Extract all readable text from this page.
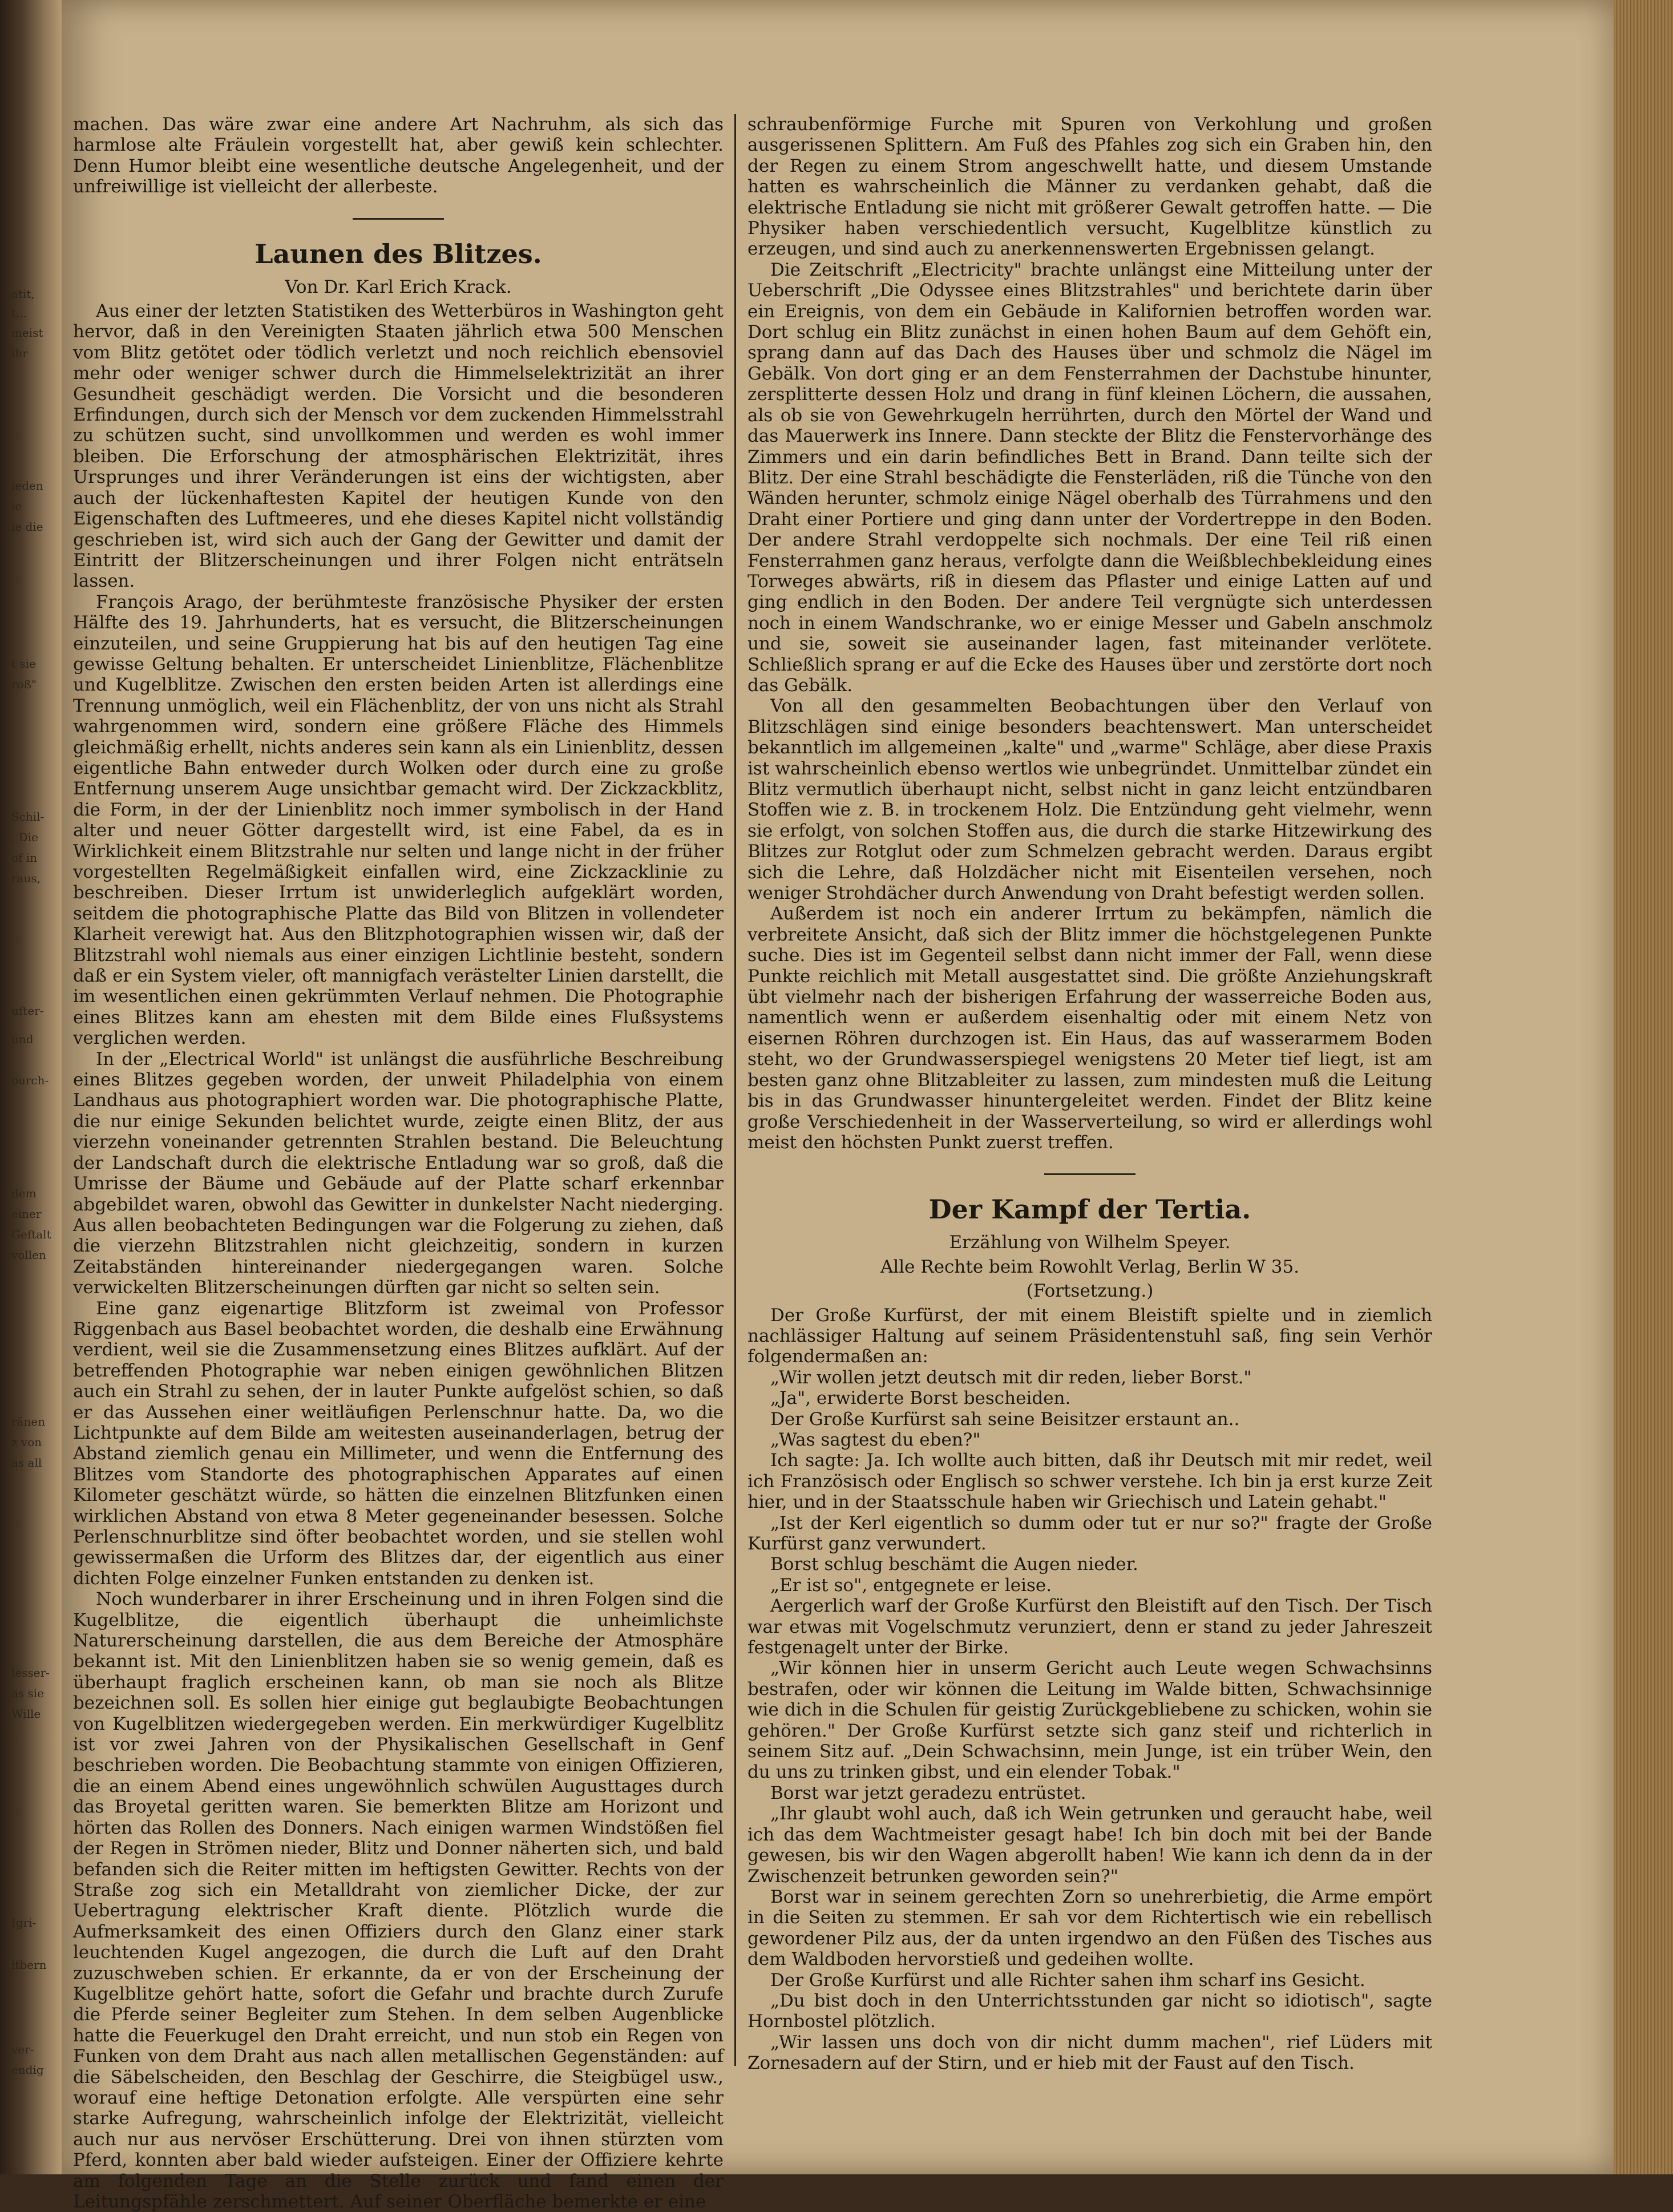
atit,
t...
meist
ihr
ieden
ie
ie die
t sie
roß"
Schil-
. Die
of in
raus,
ufter-
und
ourch-
dem
einer
Geftalt
vollen
ränen
z von
as all
lesser-
as sie
Wille
Igri-
itbern
ver-
endig

machen. Das wäre zwar eine andere Art Nachruhm, als sich das harmlose alte Fräulein vorgestellt hat, aber gewiß kein schlechter. Denn Humor bleibt eine wesentliche deutsche Angelegenheit, und der unfreiwillige ist vielleicht der allerbeste.

Launen des Blitzes.
Von Dr. Karl Erich Krack.

Aus einer der letzten Statistiken des Wetterbüros in Washington geht hervor, daß in den Vereinigten Staaten jährlich etwa 500 Menschen vom Blitz getötet oder tödlich verletzt und noch reichlich ebensoviel mehr oder weniger schwer durch die Himmelselektrizität an ihrer Gesundheit geschädigt werden. Die Vorsicht und die besonderen Erfindungen, durch sich der Mensch vor dem zuckenden Himmelsstrahl zu schützen sucht, sind unvollkommen und werden es wohl immer bleiben. Die Erforschung der atmosphärischen Elektrizität, ihres Ursprunges und ihrer Veränderungen ist eins der wichtigsten, aber auch der lückenhaftesten Kapitel der heutigen Kunde von den Eigenschaften des Luftmeeres, und ehe dieses Kapitel nicht vollständig geschrieben ist, wird sich auch der Gang der Gewitter und damit der Eintritt der Blitzerscheinungen und ihrer Folgen nicht enträtseln lassen.

François Arago, der berühmteste französische Physiker der ersten Hälfte des 19. Jahrhunderts, hat es versucht, die Blitzerscheinungen einzuteilen, und seine Gruppierung hat bis auf den heutigen Tag eine gewisse Geltung behalten. Er unterscheidet Linienblitze, Flächenblitze und Kugelblitze. Zwischen den ersten beiden Arten ist allerdings eine Trennung unmöglich, weil ein Flächenblitz, der von uns nicht als Strahl wahrgenommen wird, sondern eine größere Fläche des Himmels gleichmäßig erhellt, nichts anderes sein kann als ein Linienblitz, dessen eigentliche Bahn entweder durch Wolken oder durch eine zu große Entfernung unserem Auge unsichtbar gemacht wird. Der Zickzackblitz, die Form, in der der Linienblitz noch immer symbolisch in der Hand alter und neuer Götter dargestellt wird, ist eine Fabel, da es in Wirklichkeit einem Blitzstrahle nur selten und lange nicht in der früher vorgestellten Regelmäßigkeit einfallen wird, eine Zickzacklinie zu beschreiben. Dieser Irrtum ist unwiderleglich aufgeklärt worden, seitdem die photographische Platte das Bild von Blitzen in vollendeter Klarheit verewigt hat. Aus den Blitzphotographien wissen wir, daß der Blitzstrahl wohl niemals aus einer einzigen Lichtlinie besteht, sondern daß er ein System vieler, oft mannigfach verästelter Linien darstellt, die im wesentlichen einen gekrümmten Verlauf nehmen. Die Photographie eines Blitzes kann am ehesten mit dem Bilde eines Flußsystems verglichen werden.

In der „Electrical World" ist unlängst die ausführliche Beschreibung eines Blitzes gegeben worden, der unweit Philadelphia von einem Landhaus aus photographiert worden war. Die photographische Platte, die nur einige Sekunden belichtet wurde, zeigte einen Blitz, der aus vierzehn voneinander getrennten Strahlen bestand. Die Beleuchtung der Landschaft durch die elektrische Entladung war so groß, daß die Umrisse der Bäume und Gebäude auf der Platte scharf erkennbar abgebildet waren, obwohl das Gewitter in dunkelster Nacht niederging. Aus allen beobachteten Bedingungen war die Folgerung zu ziehen, daß die vierzehn Blitzstrahlen nicht gleichzeitig, sondern in kurzen Zeitabständen hintereinander niedergegangen waren. Solche verwickelten Blitzerscheinungen dürften gar nicht so selten sein.

Eine ganz eigenartige Blitzform ist zweimal von Professor Riggenbach aus Basel beobachtet worden, die deshalb eine Erwähnung verdient, weil sie die Zusammensetzung eines Blitzes aufklärt. Auf der betreffenden Photographie war neben einigen gewöhnlichen Blitzen auch ein Strahl zu sehen, der in lauter Punkte aufgelöst schien, so daß er das Aussehen einer weitläufigen Perlenschnur hatte. Da, wo die Lichtpunkte auf dem Bilde am weitesten auseinanderlagen, betrug der Abstand ziemlich genau ein Millimeter, und wenn die Entfernung des Blitzes vom Standorte des photographischen Apparates auf einen Kilometer geschätzt würde, so hätten die einzelnen Blitzfunken einen wirklichen Abstand von etwa 8 Meter gegeneinander besessen. Solche Perlenschnurblitze sind öfter beobachtet worden, und sie stellen wohl gewissermaßen die Urform des Blitzes dar, der eigentlich aus einer dichten Folge einzelner Funken entstanden zu denken ist.

Noch wunderbarer in ihrer Erscheinung und in ihren Folgen sind die Kugelblitze, die eigentlich überhaupt die unheimlichste Naturerscheinung darstellen, die aus dem Bereiche der Atmosphäre bekannt ist. Mit den Linienblitzen haben sie so wenig gemein, daß es überhaupt fraglich erscheinen kann, ob man sie noch als Blitze bezeichnen soll. Es sollen hier einige gut beglaubigte Beobachtungen von Kugelblitzen wiedergegeben werden. Ein merkwürdiger Kugelblitz ist vor zwei Jahren von der Physikalischen Gesellschaft in Genf beschrieben worden. Die Beobachtung stammte von einigen Offizieren, die an einem Abend eines ungewöhnlich schwülen Augusttages durch das Broyetal geritten waren. Sie bemerkten Blitze am Horizont und hörten das Rollen des Donners. Nach einigen warmen Windstößen fiel der Regen in Strömen nieder, Blitz und Donner näherten sich, und bald befanden sich die Reiter mitten im heftigsten Gewitter. Rechts von der Straße zog sich ein Metalldraht von ziemlicher Dicke, der zur Uebertragung elektrischer Kraft diente. Plötzlich wurde die Aufmerksamkeit des einen Offiziers durch den Glanz einer stark leuchtenden Kugel angezogen, die durch die Luft auf den Draht zuzuschweben schien. Er erkannte, da er von der Erscheinung der Kugelblitze gehört hatte, sofort die Gefahr und brachte durch Zurufe die Pferde seiner Begleiter zum Stehen. In dem selben Augenblicke hatte die Feuerkugel den Draht erreicht, und nun stob ein Regen von Funken von dem Draht aus nach allen metallischen Gegenständen: auf die Säbelscheiden, den Beschlag der Geschirre, die Steigbügel usw., worauf eine heftige Detonation erfolgte. Alle verspürten eine sehr starke Aufregung, wahrscheinlich infolge der Elektrizität, vielleicht auch nur aus nervöser Erschütterung. Drei von ihnen stürzten vom Pferd, konnten aber bald wieder aufsteigen. Einer der Offiziere kehrte am folgenden Tage an die Stelle zurück und fand einen der Leitungspfähle zerschmettert. Auf seiner Oberfläche bemerkte er eine

schraubenförmige Furche mit Spuren von Verkohlung und großen ausgerissenen Splittern. Am Fuß des Pfahles zog sich ein Graben hin, den der Regen zu einem Strom angeschwellt hatte, und diesem Umstande hatten es wahrscheinlich die Männer zu verdanken gehabt, daß die elektrische Entladung sie nicht mit größerer Gewalt getroffen hatte. — Die Physiker haben verschiedentlich versucht, Kugelblitze künstlich zu erzeugen, und sind auch zu anerkennenswerten Ergebnissen gelangt.

Die Zeitschrift „Electricity" brachte unlängst eine Mitteilung unter der Ueberschrift „Die Odyssee eines Blitzstrahles" und berichtete darin über ein Ereignis, von dem ein Gebäude in Kalifornien betroffen worden war. Dort schlug ein Blitz zunächst in einen hohen Baum auf dem Gehöft ein, sprang dann auf das Dach des Hauses über und schmolz die Nägel im Gebälk. Von dort ging er an dem Fensterrahmen der Dachstube hinunter, zersplitterte dessen Holz und drang in fünf kleinen Löchern, die aussahen, als ob sie von Gewehrkugeln herrührten, durch den Mörtel der Wand und das Mauerwerk ins Innere. Dann steckte der Blitz die Fenstervorhänge des Zimmers und ein darin befindliches Bett in Brand. Dann teilte sich der Blitz. Der eine Strahl beschädigte die Fensterläden, riß die Tünche von den Wänden herunter, schmolz einige Nägel oberhalb des Türrahmens und den Draht einer Portiere und ging dann unter der Vordertreppe in den Boden. Der andere Strahl verdoppelte sich nochmals. Der eine Teil riß einen Fensterrahmen ganz heraus, verfolgte dann die Weißblechbekleidung eines Torweges abwärts, riß in diesem das Pflaster und einige Latten auf und ging endlich in den Boden. Der andere Teil vergnügte sich unterdessen noch in einem Wandschranke, wo er einige Messer und Gabeln anschmolz und sie, soweit sie auseinander lagen, fast miteinander verlötete. Schließlich sprang er auf die Ecke des Hauses über und zerstörte dort noch das Gebälk.

Von all den gesammelten Beobachtungen über den Verlauf von Blitzschlägen sind einige besonders beachtenswert. Man unterscheidet bekanntlich im allgemeinen „kalte" und „warme" Schläge, aber diese Praxis ist wahrscheinlich ebenso wertlos wie unbegründet. Unmittelbar zündet ein Blitz vermutlich überhaupt nicht, selbst nicht in ganz leicht entzündbaren Stoffen wie z. B. in trockenem Holz. Die Entzündung geht vielmehr, wenn sie erfolgt, von solchen Stoffen aus, die durch die starke Hitzewirkung des Blitzes zur Rotglut oder zum Schmelzen gebracht werden. Daraus ergibt sich die Lehre, daß Holzdächer nicht mit Eisenteilen versehen, noch weniger Strohdächer durch Anwendung von Draht befestigt werden sollen.

Außerdem ist noch ein anderer Irrtum zu bekämpfen, nämlich die verbreitete Ansicht, daß sich der Blitz immer die höchstgelegenen Punkte suche. Dies ist im Gegenteil selbst dann nicht immer der Fall, wenn diese Punkte reichlich mit Metall ausgestattet sind. Die größte Anziehungskraft übt vielmehr nach der bisherigen Erfahrung der wasserreiche Boden aus, namentlich wenn er außerdem eisenhaltig oder mit einem Netz von eisernen Röhren durchzogen ist. Ein Haus, das auf wasserarmem Boden steht, wo der Grundwasserspiegel wenigstens 20 Meter tief liegt, ist am besten ganz ohne Blitzableiter zu lassen, zum mindesten muß die Leitung bis in das Grundwasser hinuntergeleitet werden. Findet der Blitz keine große Verschiedenheit in der Wasserverteilung, so wird er allerdings wohl meist den höchsten Punkt zuerst treffen.

Der Kampf der Tertia.
Erzählung von Wilhelm Speyer.
Alle Rechte beim Rowohlt Verlag, Berlin W 35.
(Fortsetzung.)

Der Große Kurfürst, der mit einem Bleistift spielte und in ziemlich nachlässiger Haltung auf seinem Präsidentenstuhl saß, fing sein Verhör folgendermaßen an:

„Wir wollen jetzt deutsch mit dir reden, lieber Borst."

„Ja", erwiderte Borst bescheiden.

Der Große Kurfürst sah seine Beisitzer erstaunt an..

„Was sagtest du eben?"

Ich sagte: Ja. Ich wollte auch bitten, daß ihr Deutsch mit mir redet, weil ich Französisch oder Englisch so schwer verstehe. Ich bin ja erst kurze Zeit hier, und in der Staatsschule haben wir Griechisch und Latein gehabt."

„Ist der Kerl eigentlich so dumm oder tut er nur so?" fragte der Große Kurfürst ganz verwundert.

Borst schlug beschämt die Augen nieder.

„Er ist so", entgegnete er leise.

Aergerlich warf der Große Kurfürst den Bleistift auf den Tisch. Der Tisch war etwas mit Vogelschmutz verunziert, denn er stand zu jeder Jahreszeit festgenagelt unter der Birke.

„Wir können hier in unserm Gericht auch Leute wegen Schwachsinns bestrafen, oder wir können die Leitung im Walde bitten, Schwachsinnige wie dich in die Schulen für geistig Zurückgebliebene zu schicken, wohin sie gehören." Der Große Kurfürst setzte sich ganz steif und richterlich in seinem Sitz auf. „Dein Schwachsinn, mein Junge, ist ein trüber Wein, den du uns zu trinken gibst, und ein elender Tobak."

Borst war jetzt geradezu entrüstet.

„Ihr glaubt wohl auch, daß ich Wein getrunken und geraucht habe, weil ich das dem Wachtmeister gesagt habe! Ich bin doch mit bei der Bande gewesen, bis wir den Wagen abgerollt haben! Wie kann ich denn da in der Zwischenzeit betrunken geworden sein?"

Borst war in seinem gerechten Zorn so unehrerbietig, die Arme empört in die Seiten zu stemmen. Er sah vor dem Richtertisch wie ein rebellisch gewordener Pilz aus, der da unten irgendwo an den Füßen des Tisches aus dem Waldboden hervorstieß und gedeihen wollte.

Der Große Kurfürst und alle Richter sahen ihm scharf ins Gesicht.

„Du bist doch in den Unterrichtsstunden gar nicht so idiotisch", sagte Hornbostel plötzlich.

„Wir lassen uns doch von dir nicht dumm machen", rief Lüders mit Zornesadern auf der Stirn, und er hieb mit der Faust auf den Tisch.
